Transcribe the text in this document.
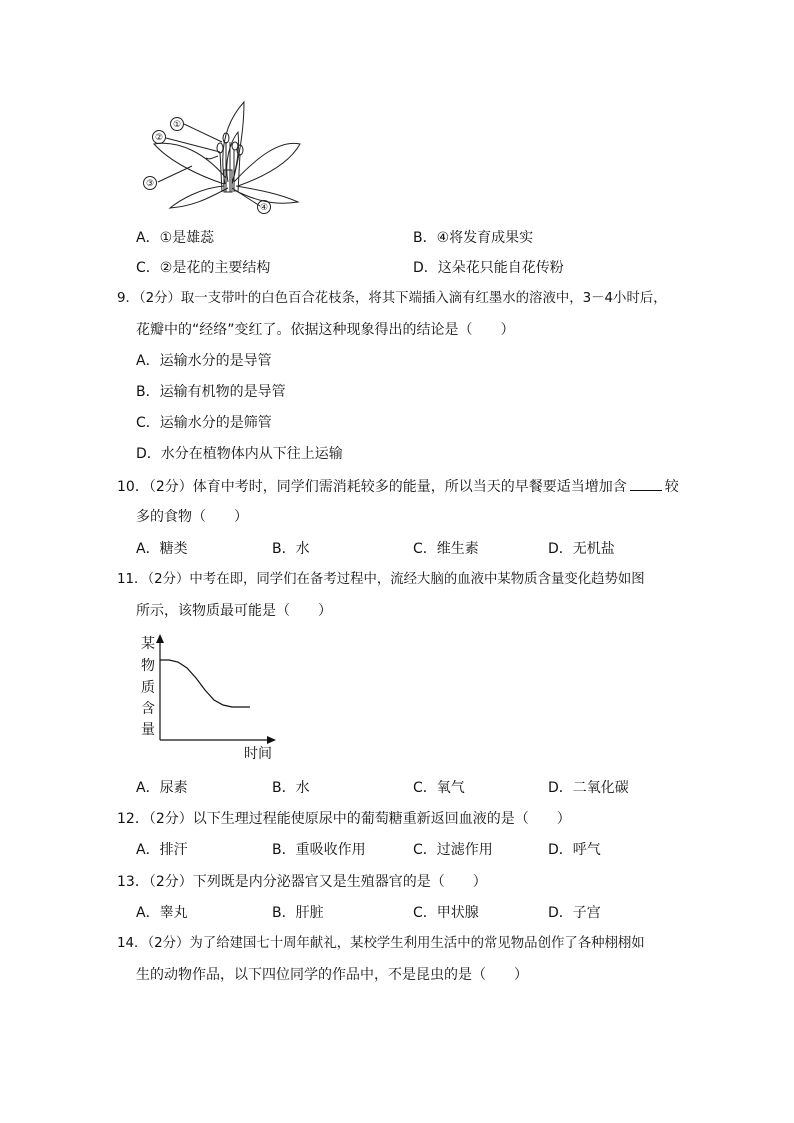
①
②
③
④
A．①是雄蕊	B．④将发育成果实
C．②是花的主要结构	D．这朵花只能自花传粉
9．（2分）取一支带叶的白色百合花枝条，将其下端插入滴有红墨水的溶液中，3－4小时后，
花瓣中的“经络”变红了。依据这种现象得出的结论是（　　）
A．运输水分的是导管
B．运输有机物的是导管
C．运输水分的是筛管
D．水分在植物体内从下往上运输
10．（2分）体育中考时，同学们需消耗较多的能量，所以当天的早餐要适当增加含	较
多的食物（　　）
A．糖类	B．水	C．维生素	D．无机盐
11．（2分）中考在即，同学们在备考过程中，流经大脑的血液中某物质含量变化趋势如图
所示，该物质最可能是（　　）
某
物
质
含
量
时间
A．尿素	B．水	C．氧气	D．二氧化碳
12．（2分）以下生理过程能使原尿中的葡萄糖重新返回血液的是（　　）
A．排汗	B．重吸收作用	C．过滤作用	D．呼气
13．（2分）下列既是内分泌器官又是生殖器官的是（　　）
A．睾丸	B．肝脏	C．甲状腺	D．子宫
14．（2分）为了给建国七十周年献礼，某校学生利用生活中的常见物品创作了各种栩栩如
生的动物作品，以下四位同学的作品中，不是昆虫的是（　　）
